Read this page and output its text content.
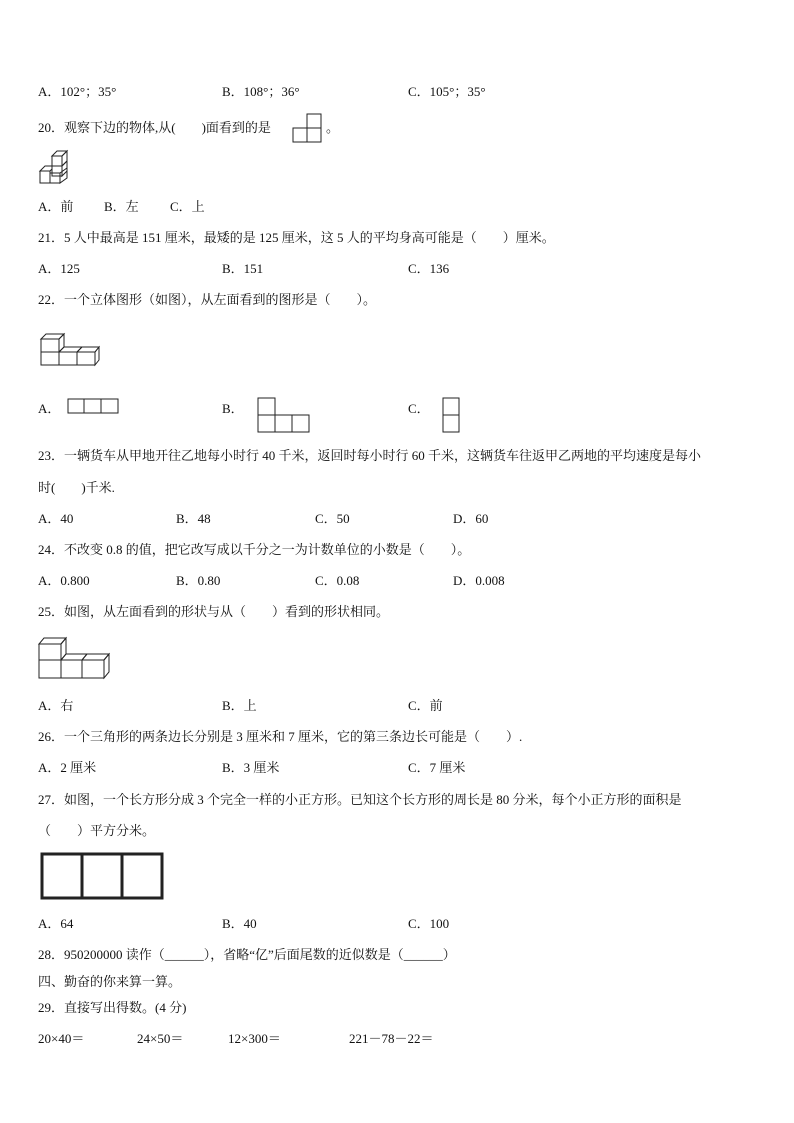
A．102°；35°	B．108°；36°	C．105°；35°
20．观察下边的物体,从(　　)面看到的是	。
A．前 B．左 C．上
21．5 人中最高是 151 厘米，最矮的是 125 厘米，这 5 人的平均身高可能是（　　）厘米。
A．125	B．151	C．136
22．一个立体图形（如图），从左面看到的图形是（　　）。
A．	B．	C．
23．一辆货车从甲地开往乙地每小时行 40 千米，返回时每小时行 60 千米，这辆货车往返甲乙两地的平均速度是每小
时(　　)千米.
A．40	B．48	C．50	D．60
24．不改变 0.8 的值，把它改写成以千分之一为计数单位的小数是（　　）。
A．0.800	B．0.80	C．0.08	D．0.008
25．如图，从左面看到的形状与从（　　）看到的形状相同。
A．右	B．上	C．前
26．一个三角形的两条边长分别是 3 厘米和 7 厘米，它的第三条边长可能是（　　）.
A．2 厘米	B．3 厘米	C．7 厘米
27．如图，一个长方形分成 3 个完全一样的小正方形。已知这个长方形的周长是 80 分米，每个小正方形的面积是
（　　）平方分米。
A．64	B．40	C．100
28．950200000 读作（______），省略“亿”后面尾数的近似数是（______）
四、勤奋的你来算一算。
29．直接写出得数。(4 分)
20×40＝	24×50＝	12×300＝	221－78－22＝
